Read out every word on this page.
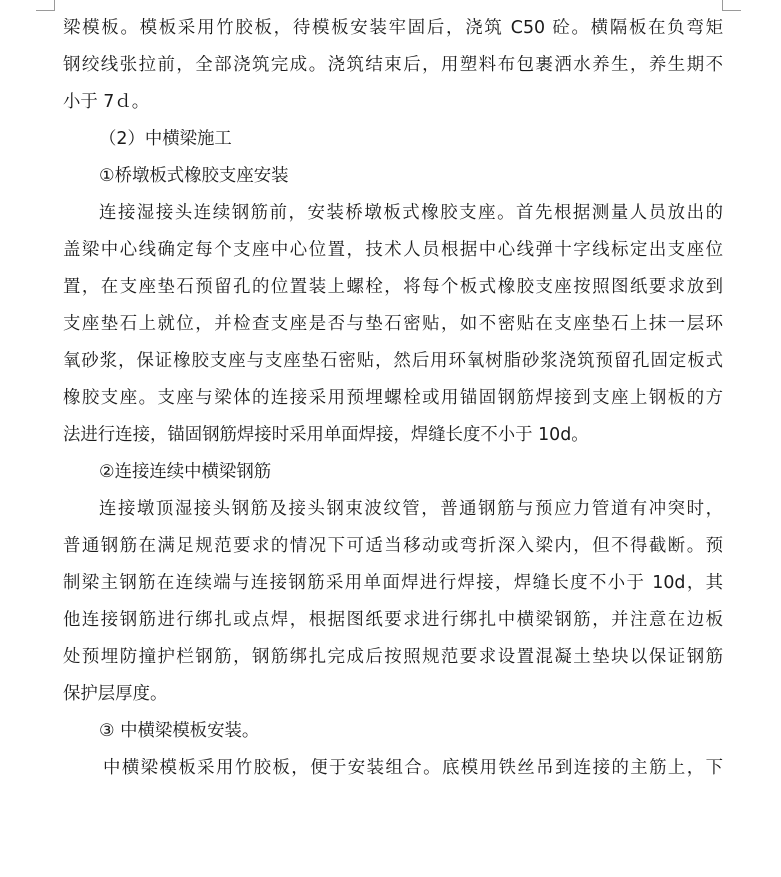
梁模板。模板采用竹胶板，待模板安装牢固后，浇筑 C50 砼。横隔板在负弯矩

钢绞线张拉前，全部浇筑完成。浇筑结束后，用塑料布包裹洒水养生，养生期不

小于 7ｄ。

（2）中横梁施工

①桥墩板式橡胶支座安装

连接湿接头连续钢筋前，安装桥墩板式橡胶支座。首先根据测量人员放出的

盖梁中心线确定每个支座中心位置，技术人员根据中心线弹十字线标定出支座位

置，在支座垫石预留孔的位置装上螺栓，将每个板式橡胶支座按照图纸要求放到

支座垫石上就位，并检查支座是否与垫石密贴，如不密贴在支座垫石上抹一层环

氧砂浆，保证橡胶支座与支座垫石密贴，然后用环氧树脂砂浆浇筑预留孔固定板式

橡胶支座。支座与梁体的连接采用预埋螺栓或用锚固钢筋焊接到支座上钢板的方

法进行连接，锚固钢筋焊接时采用单面焊接，焊缝长度不小于 10d。

②连接连续中横梁钢筋

连接墩顶湿接头钢筋及接头钢束波纹管，普通钢筋与预应力管道有冲突时，

普通钢筋在满足规范要求的情况下可适当移动或弯折深入梁内，但不得截断。预

制梁主钢筋在连续端与连接钢筋采用单面焊进行焊接，焊缝长度不小于 10d，其

他连接钢筋进行绑扎或点焊，根据图纸要求进行绑扎中横梁钢筋，并注意在边板

处预埋防撞护栏钢筋，钢筋绑扎完成后按照规范要求设置混凝土垫块以保证钢筋

保护层厚度。

③ 中横梁模板安装。

中横梁模板采用竹胶板，便于安装组合。底模用铁丝吊到连接的主筋上，下
